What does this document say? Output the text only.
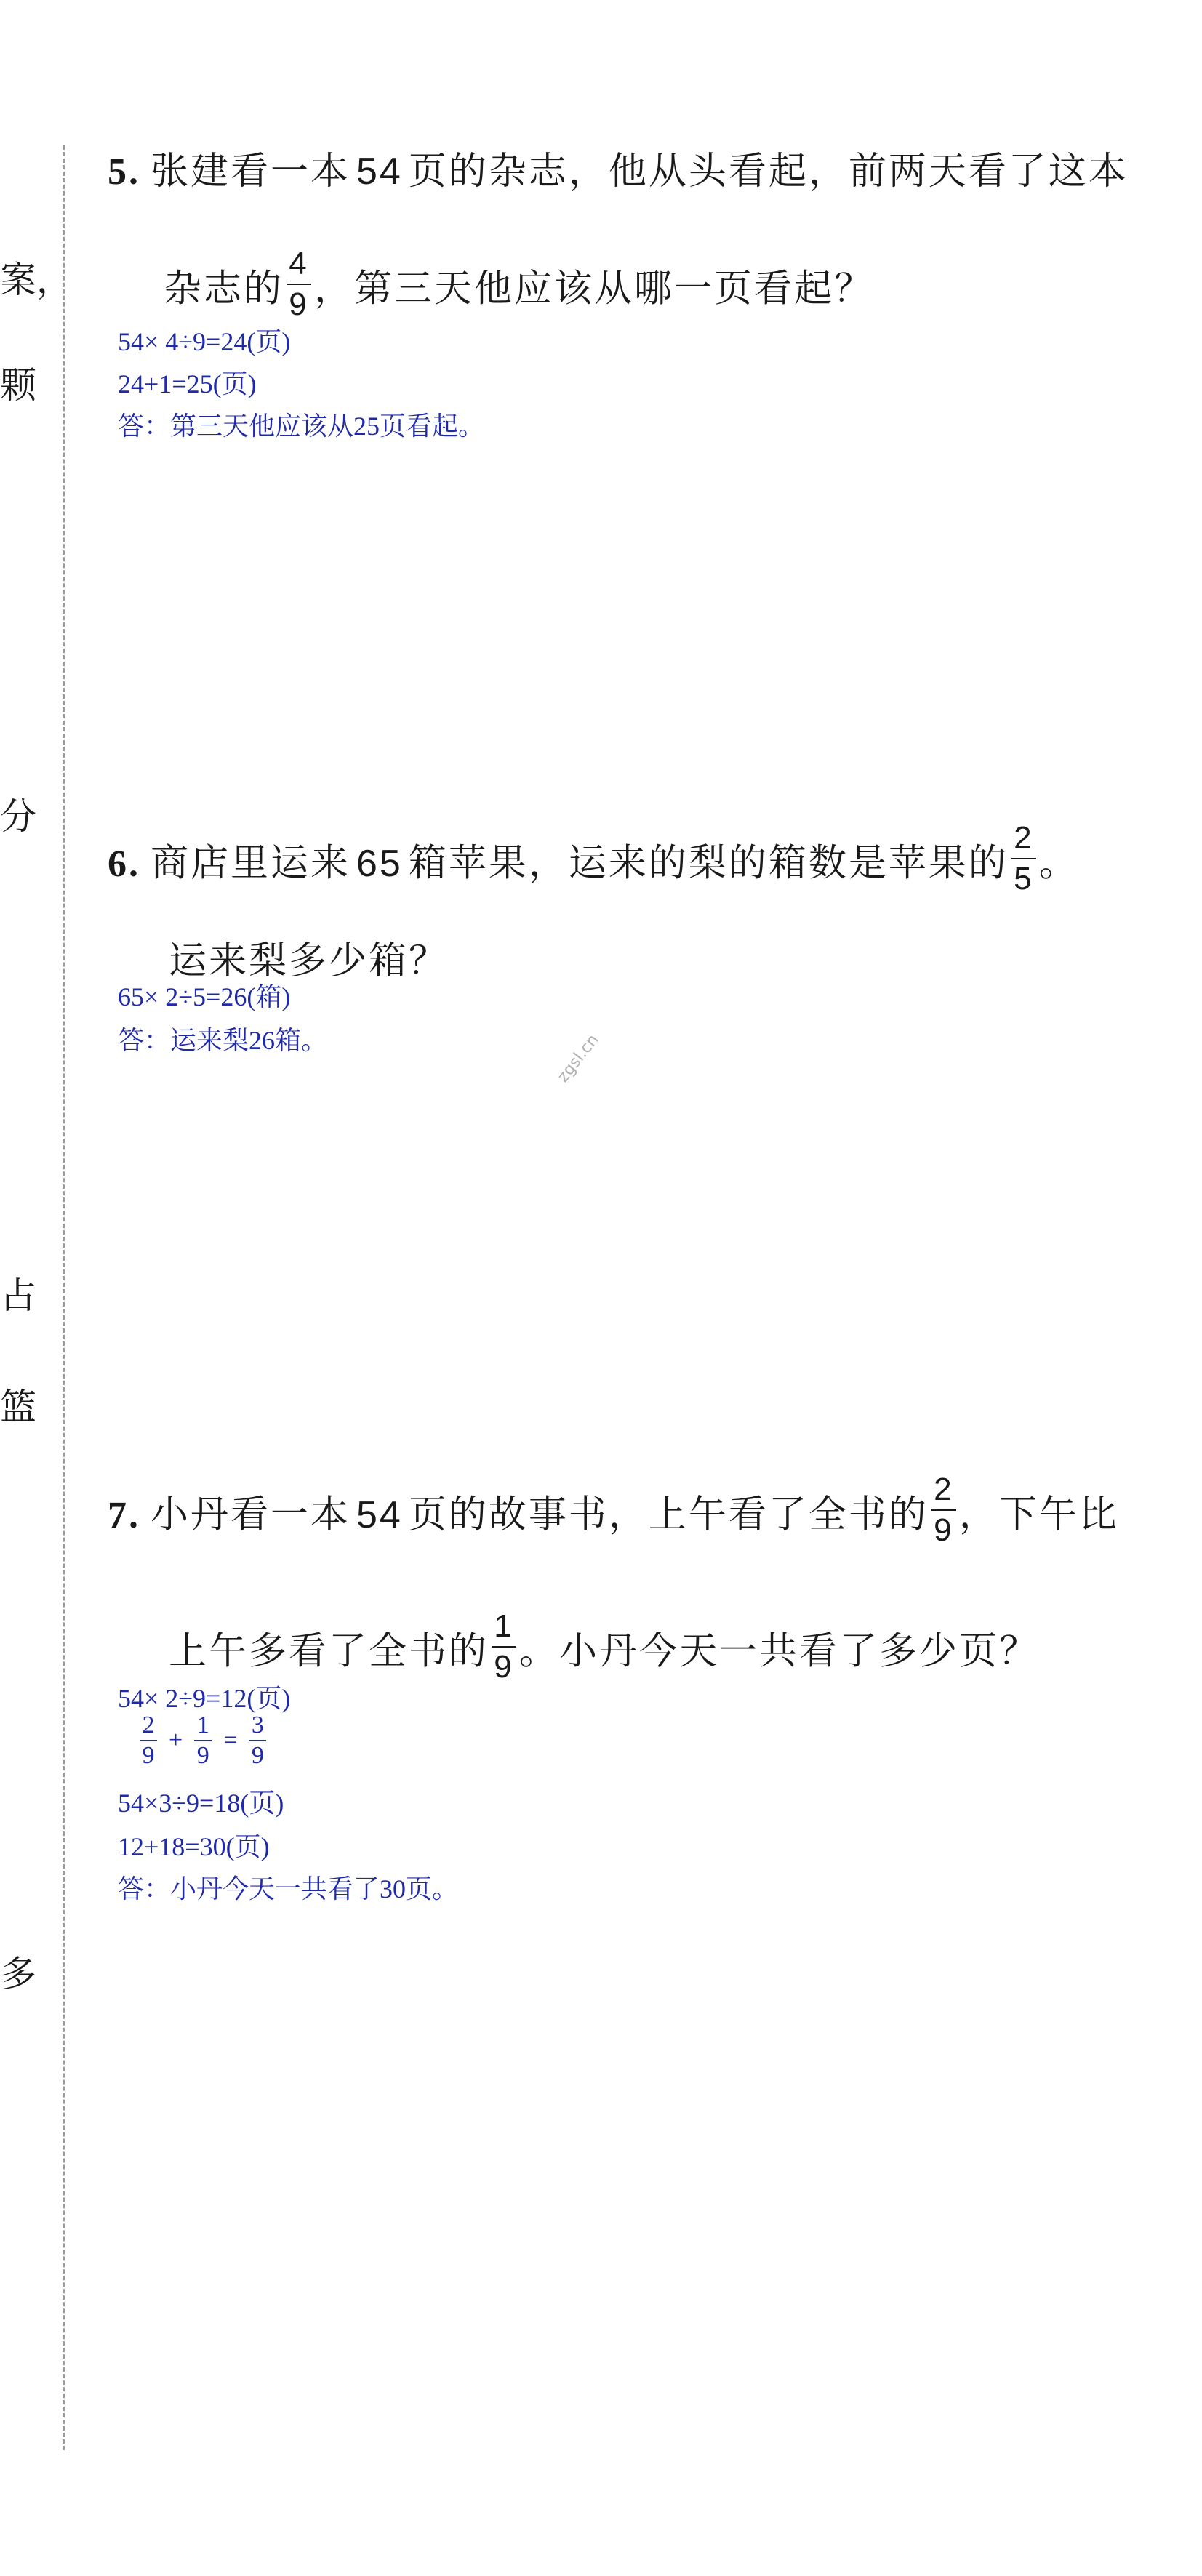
案，
颗
分
占
篮
多
zgsl.cn
5. 张建看一本 54 页的杂志，他从头看起，前两天看了这本
杂志的 $\frac{4}{9}$ ，第三天他应该从哪一页看起？
54× 4÷9=24(页)
24+1=25(页)
答：第三天他应该从25页看起。
6. 商店里运来 65 箱苹果，运来的梨的箱数是苹果的 $\frac{2}{5}$ 。
运来梨多少箱？
65× 2÷5=26(箱)
答：运来梨26箱。
7. 小丹看一本 54 页的故事书，上午看了全书的 $\frac{2}{9}$ ，下午比
上午多看了全书的 $\frac{1}{9}$ 。小丹今天一共看了多少页？
54× 2÷9=12(页)
$\frac{2}{9} + \frac{1}{9} = \frac{3}{9}$
54×3÷9=18(页)
12+18=30(页)
答：小丹今天一共看了30页。
